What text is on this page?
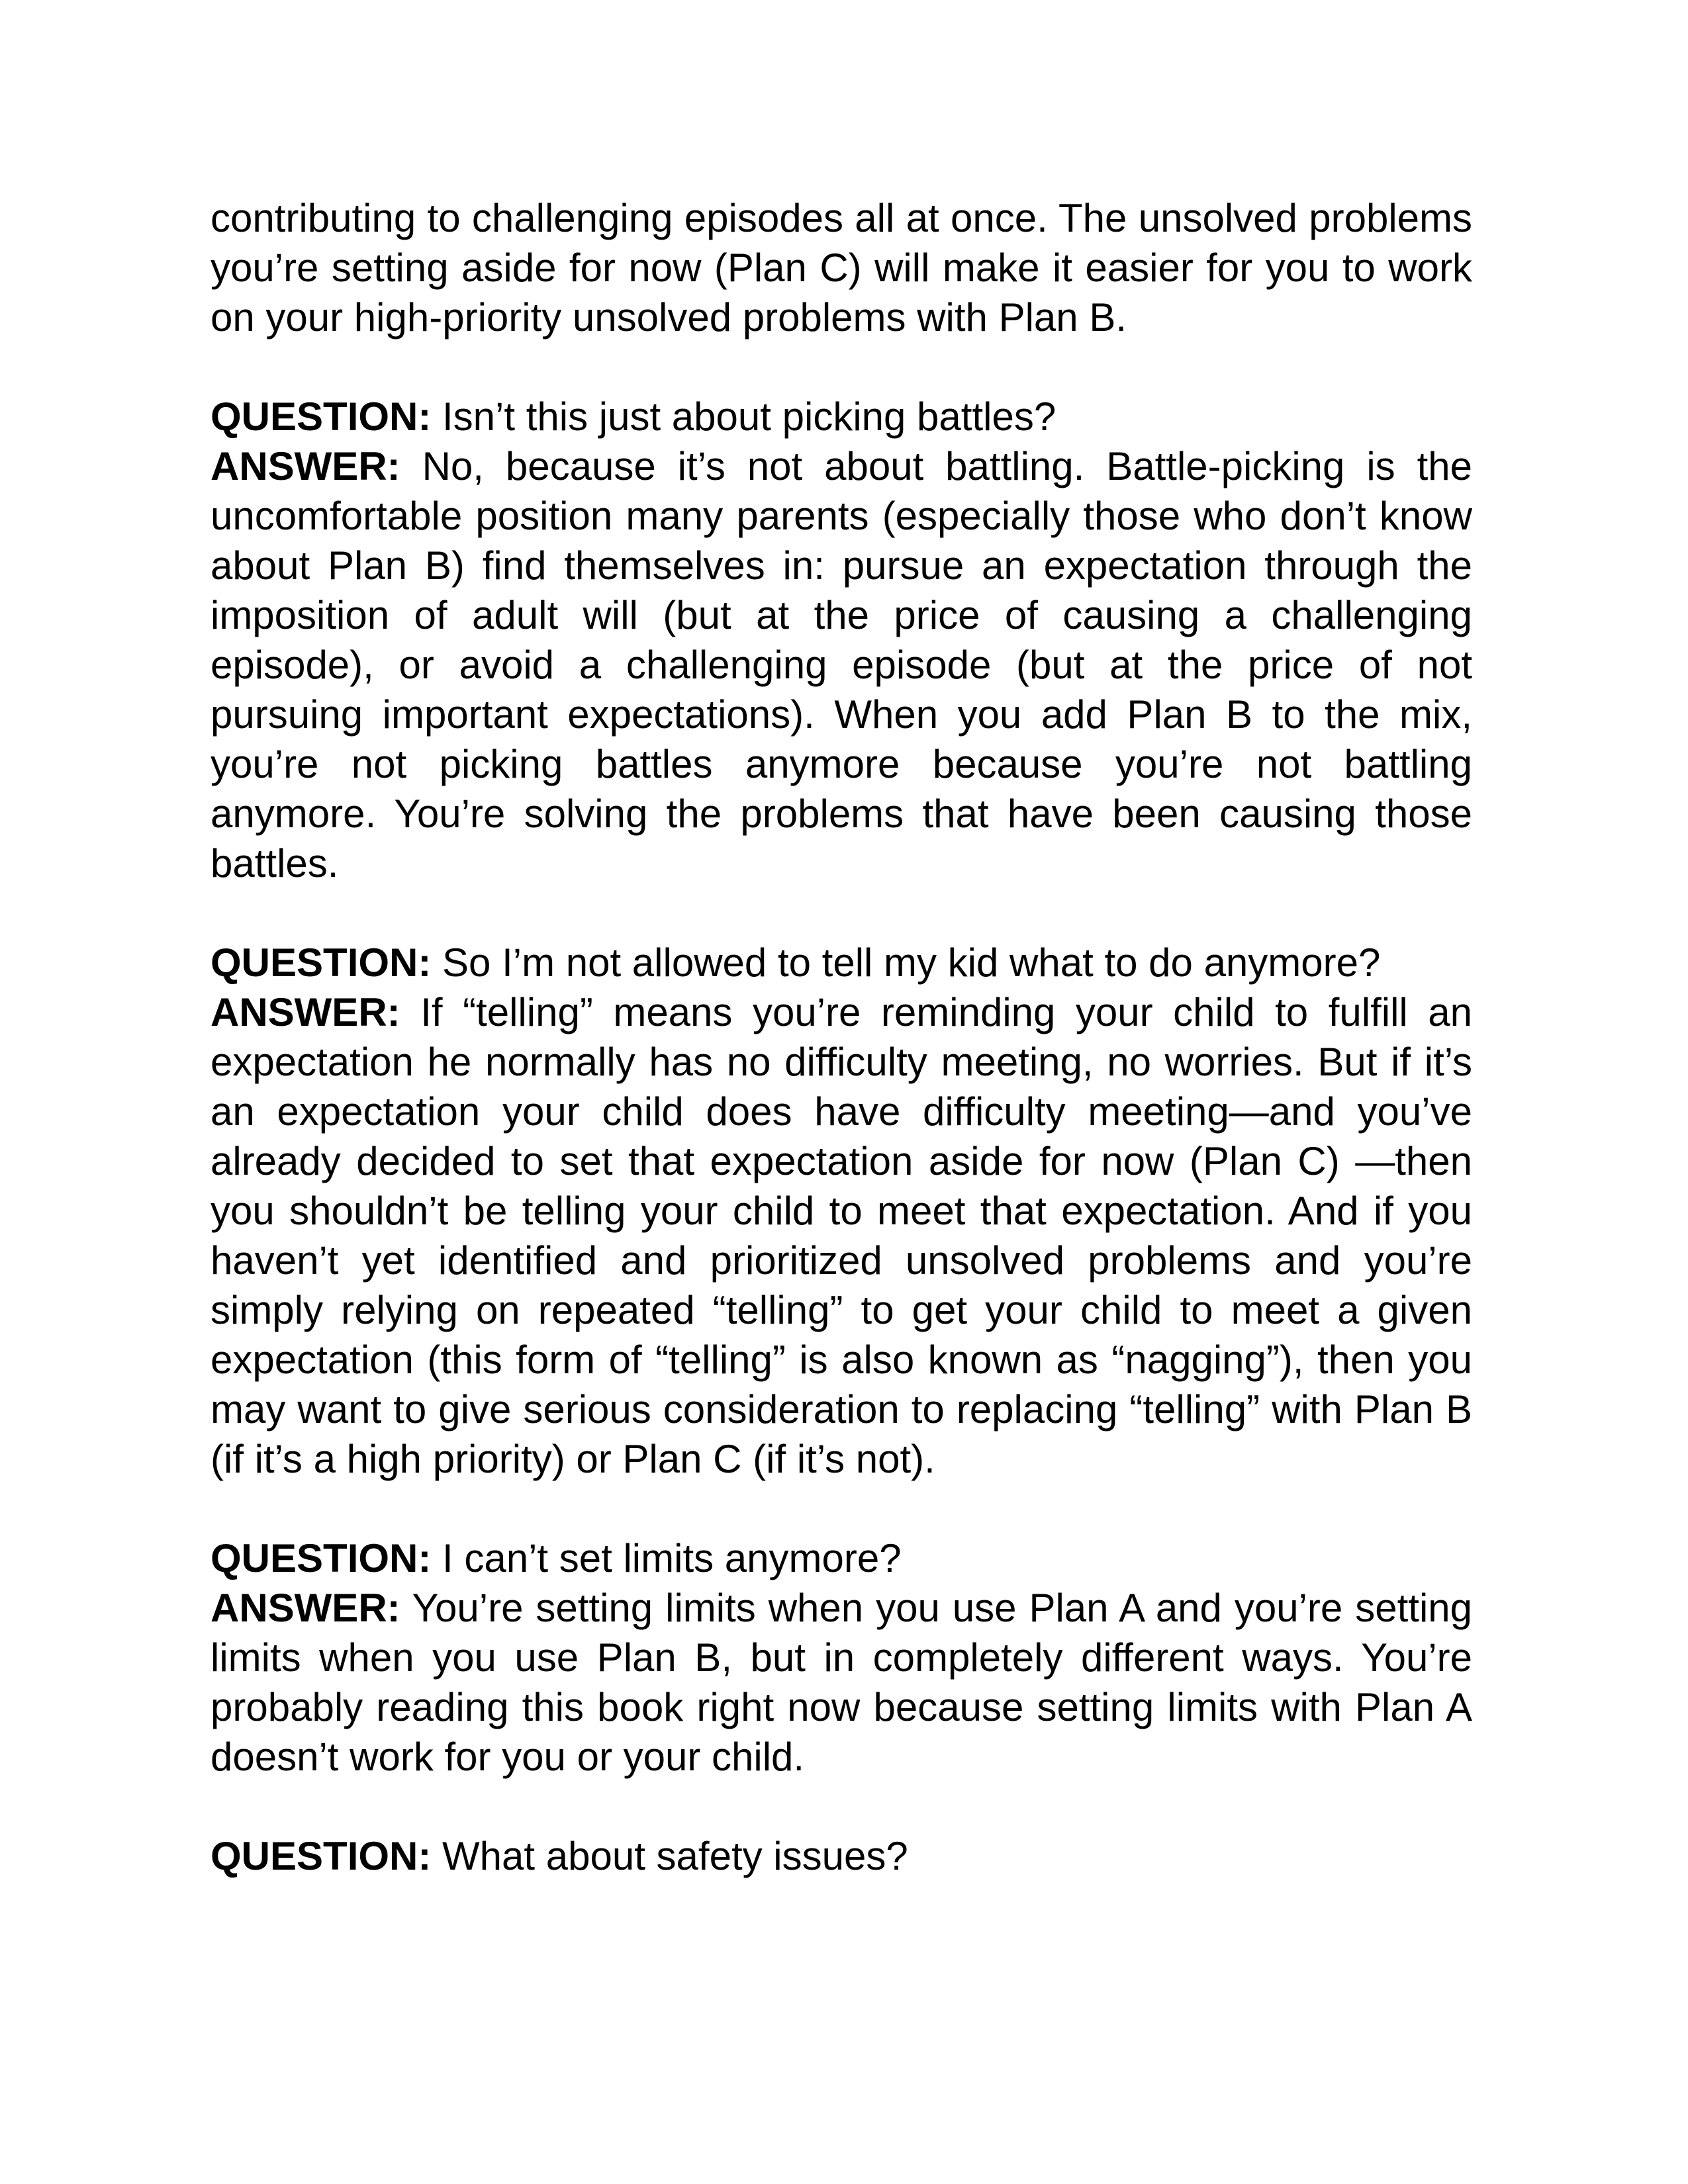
contributing to challenging episodes all at once. The unsolved problems you’re setting aside for now (Plan C) will make it easier for you to work on your high-priority unsolved problems with Plan B.

QUESTION: Isn’t this just about picking battles?

ANSWER: No, because it’s not about battling. Battle-picking is the uncomfortable position many parents (especially those who don’t know about Plan B) find themselves in: pursue an expectation through the imposition of adult will (but at the price of causing a challenging episode), or avoid a challenging episode (but at the price of not pursuing important expectations). When you add Plan B to the mix, you’re not picking battles anymore because you’re not battling anymore. You’re solving the problems that have been causing those battles.

QUESTION: So I’m not allowed to tell my kid what to do anymore?

ANSWER: If “telling” means you’re reminding your child to fulfill an expectation he normally has no difficulty meeting, no worries. But if it’s an expectation your child does have difficulty meeting—and you’ve already decided to set that expectation aside for now (Plan C) —then you shouldn’t be telling your child to meet that expectation. And if you haven’t yet identified and prioritized unsolved problems and you’re simply relying on repeated “telling” to get your child to meet a given expectation (this form of “telling” is also known as “nagging”), then you may want to give serious consideration to replacing “telling” with Plan B (if it’s a high priority) or Plan C (if it’s not).

QUESTION: I can’t set limits anymore?

ANSWER: You’re setting limits when you use Plan A and you’re setting limits when you use Plan B, but in completely different ways. You’re probably reading this book right now because setting limits with Plan A doesn’t work for you or your child.

QUESTION: What about safety issues?
